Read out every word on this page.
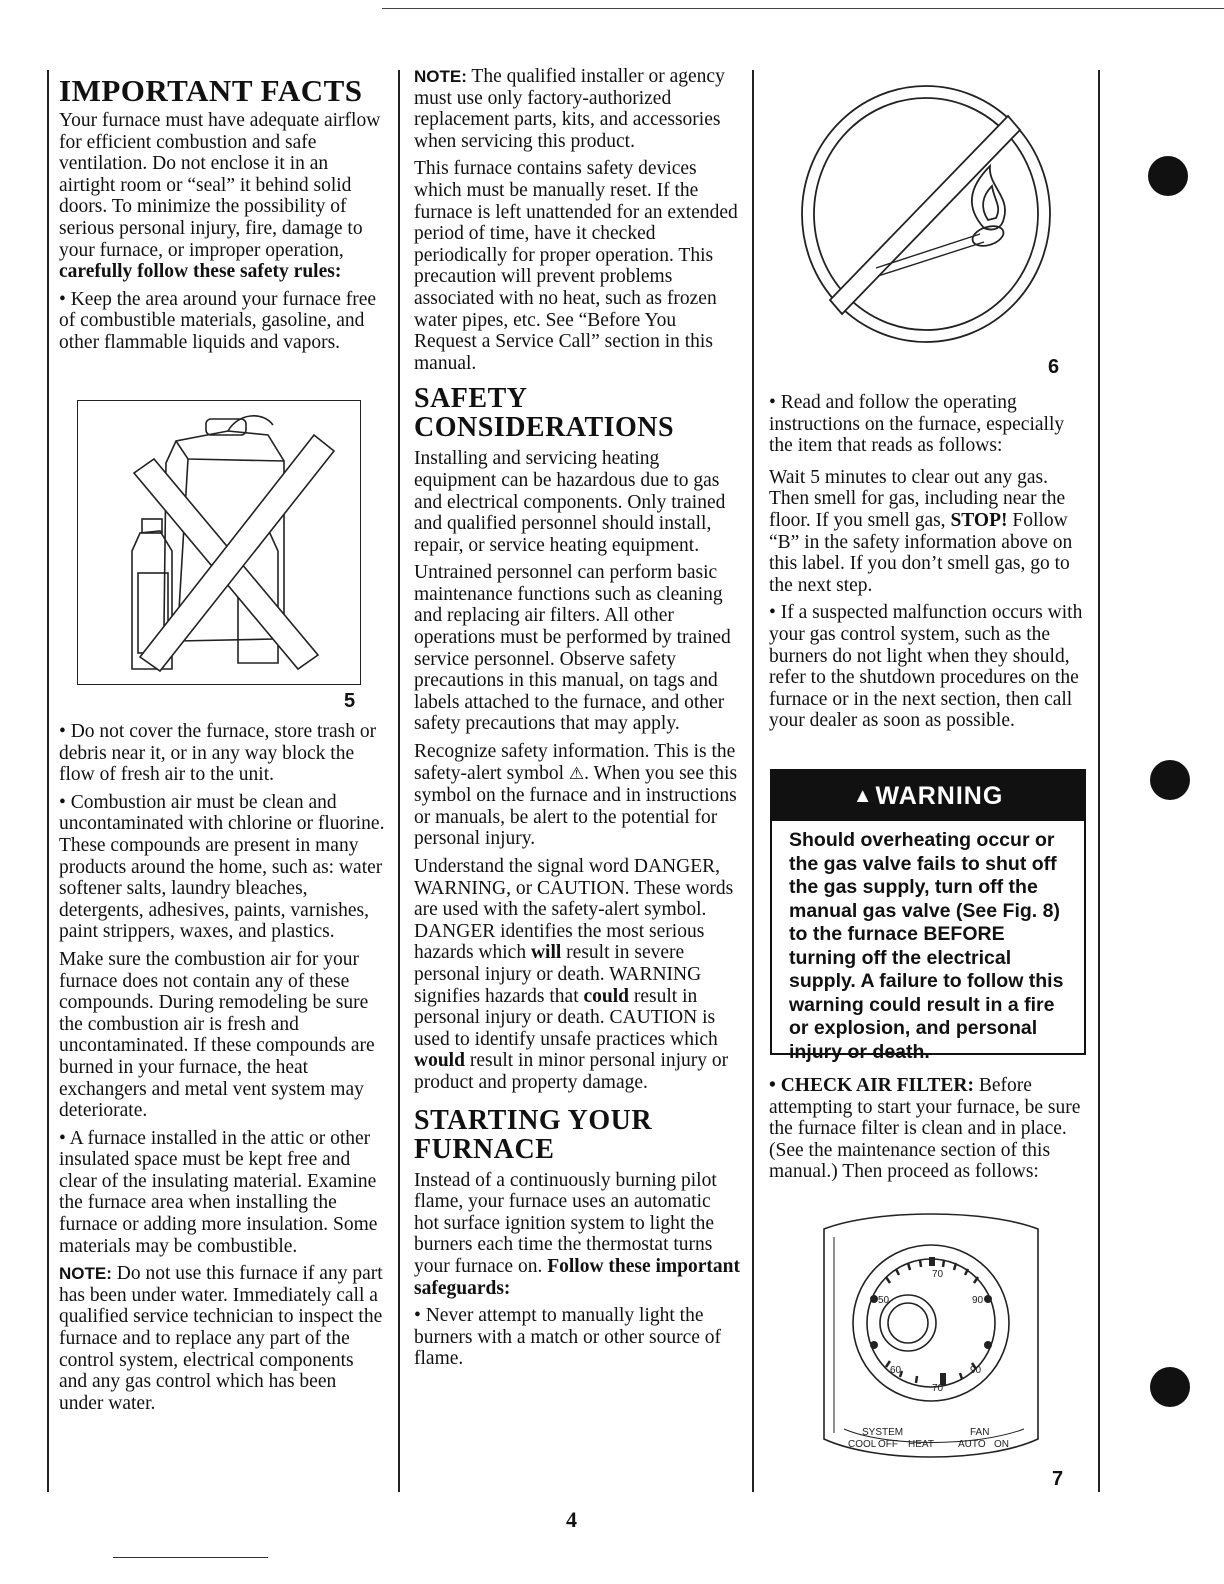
IMPORTANT FACTS

Your furnace must have adequate airflow for efficient combustion and safe ventilation. Do not enclose it in an airtight room or “seal” it behind solid doors. To minimize the possibility of serious personal injury, fire, damage to your furnace, or improper operation, carefully follow these safety rules:

• Keep the area around your furnace free of combustible materials, gasoline, and other flammable liquids and vapors.

5

• Do not cover the furnace, store trash or debris near it, or in any way block the flow of fresh air to the unit.

• Combustion air must be clean and uncontaminated with chlorine or fluorine. These compounds are present in many products around the home, such as: water softener salts, laundry bleaches, detergents, adhesives, paints, varnishes, paint strippers, waxes, and plastics.

Make sure the combustion air for your furnace does not contain any of these compounds. During remodeling be sure the combustion air is fresh and uncontaminated. If these compounds are burned in your furnace, the heat exchangers and metal vent system may deteriorate.

• A furnace installed in the attic or other insulated space must be kept free and clear of the insulating material. Examine the furnace area when installing the furnace or adding more insulation. Some materials may be combustible.

NOTE: Do not use this furnace if any part has been under water. Immediately call a qualified service technician to inspect the furnace and to replace any part of the control system, electrical components and any gas control which has been under water.

NOTE: The qualified installer or agency must use only factory-authorized replacement parts, kits, and accessories when servicing this product.

This furnace contains safety devices which must be manually reset. If the furnace is left unattended for an extended period of time, have it checked periodically for proper operation. This precaution will prevent problems associated with no heat, such as frozen water pipes, etc. See “Before You Request a Service Call” section in this manual.

SAFETY
CONSIDERATIONS

Installing and servicing heating equipment can be hazardous due to gas and electrical components. Only trained and qualified personnel should install, repair, or service heating equipment.

Untrained personnel can perform basic maintenance functions such as cleaning and replacing air filters. All other operations must be performed by trained service personnel. Observe safety precautions in this manual, on tags and labels attached to the furnace, and other safety precautions that may apply.

Recognize safety information. This is the safety-alert symbol ⚠. When you see this symbol on the furnace and in instructions or manuals, be alert to the potential for personal injury.

Understand the signal word DANGER, WARNING, or CAUTION. These words are used with the safety-alert symbol. DANGER identifies the most serious hazards which will result in severe personal injury or death. WARNING signifies hazards that could result in personal injury or death. CAUTION is used to identify unsafe practices which would result in minor personal injury or product and property damage.

STARTING YOUR
FURNACE

Instead of a continuously burning pilot flame, your furnace uses an automatic hot surface ignition system to light the burners each time the thermostat turns your furnace on. Follow these important safeguards:

• Never attempt to manually light the burners with a match or other source of flame.

6

• Read and follow the operating instructions on the furnace, especially the item that reads as follows:

Wait 5 minutes to clear out any gas. Then smell for gas, including near the floor. If you smell gas, STOP! Follow “B” in the safety information above on this label. If you don’t smell gas, go to the next step.

• If a suspected malfunction occurs with your gas control system, such as the burners do not light when they should, refer to the shutdown procedures on the furnace or in the next section, then call your dealer as soon as possible.

▲ WARNING
Should overheating occur or the gas valve fails to shut off the gas supply, turn off the manual gas valve (See Fig. 8) to the furnace BEFORE turning off the electrical supply. A failure to follow this warning could result in a fire or explosion, and personal injury or death.

• CHECK AIR FILTER: Before attempting to start your furnace, be sure the furnace filter is clean and in place. (See the maintenance section of this manual.) Then proceed as follows:

70
50	90
60	90
70
SYSTEM
COOL OFF HEAT
FAN
AUTO ON
7
4
